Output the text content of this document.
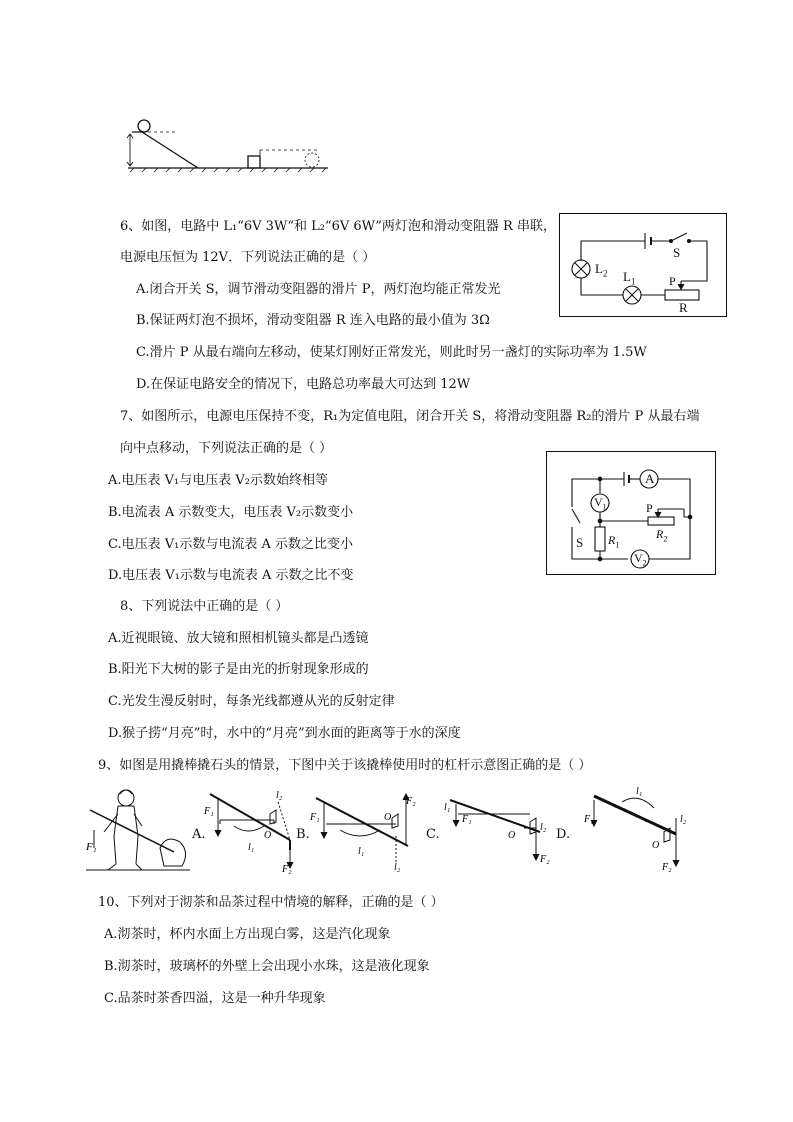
6、如图，电路中 L₁“6V 3W“和 L₂“6V 6W”两灯泡和滑动变阻器 R 串联，
电源电压恒为 12V．下列说法正确的是（ ）
A.闭合开关 S，调节滑动变阻器的滑片 P，两灯泡均能正常发光
B.保证两灯泡不损坏，滑动变阻器 R 连入电路的最小值为 3Ω
C.滑片 P 从最右端向左移动，使某灯刚好正常发光，则此时另一盏灯的实际功率为 1.5W
D.在保证电路安全的情况下，电路总功率最大可达到 12W
$L_2$ $L_1$
S
P
R
7、如图所示，电源电压保持不变，R₁为定值电阻，闭合开关 S，将滑动变阻器 R₂的滑片 P 从最右端
向中点移动，下列说法正确的是（ ）
A.电压表 V₁与电压表 V₂示数始终相等
B.电流表 A 示数变大，电压表 V₂示数变小
C.电压表 V₁示数与电流表 A 示数之比变小
D.电压表 V₁示数与电流表 A 示数之比不变
A
$V_1$
$V_2$
S
P
$R_1$
$R_2$
8、下列说法中正确的是（ ）
A.近视眼镜、放大镜和照相机镜头都是凸透镜
B.阳光下大树的影子是由光的折射现象形成的
C.光发生漫反射时，每条光线都遵从光的反射定律
D.猴子捞“月亮”时，水中的“月亮”到水面的距离等于水的深度
9、如图是用撬棒撬石头的情景，下图中关于该撬棒使用时的杠杆示意图正确的是（ ）
F₁
A.
F₁
l₁
l₂
O
F₂
B.
F₁
l₁
l₂
O
F₂
C.
l₁
F₁
O
l₂
F₂
D.
F₁
l₁
l₂
O
F₂
10、下列对于沏茶和品茶过程中情境的解释，正确的是（ ）
A.沏茶时，杯内水面上方出现白雾，这是汽化现象
B.沏茶时，玻璃杯的外壁上会出现小水珠，这是液化现象
C.品茶时茶香四溢，这是一种升华现象
